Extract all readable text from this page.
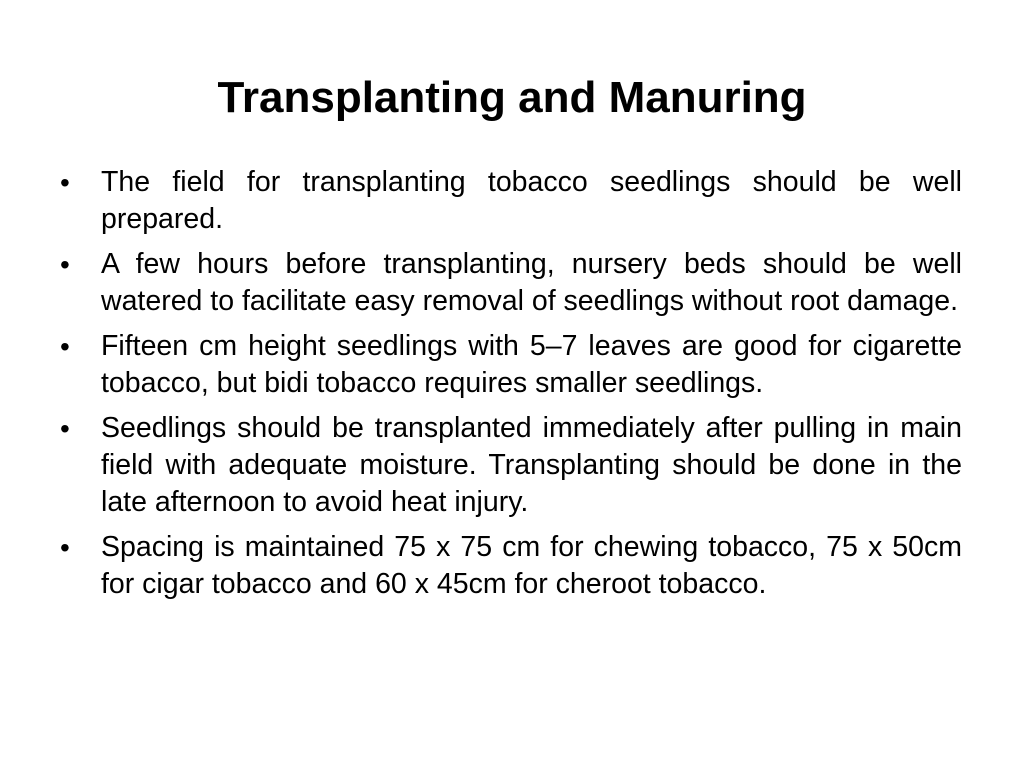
Transplanting and Manuring
•	The field for transplanting tobacco seedlings should be well prepared.
•	A few hours before transplanting, nursery beds should be well watered to facilitate easy removal of seedlings without root damage.
•	Fifteen cm height seedlings with 5–7 leaves are good for cigarette tobacco, but bidi tobacco requires smaller seedlings.
•	Seedlings should be transplanted immediately after pulling in main field with adequate moisture. Transplanting should be done in the late afternoon to avoid heat injury.
•	Spacing is maintained 75 x 75 cm for chewing tobacco, 75 x 50cm for cigar tobacco and 60 x 45cm for cheroot tobacco.
